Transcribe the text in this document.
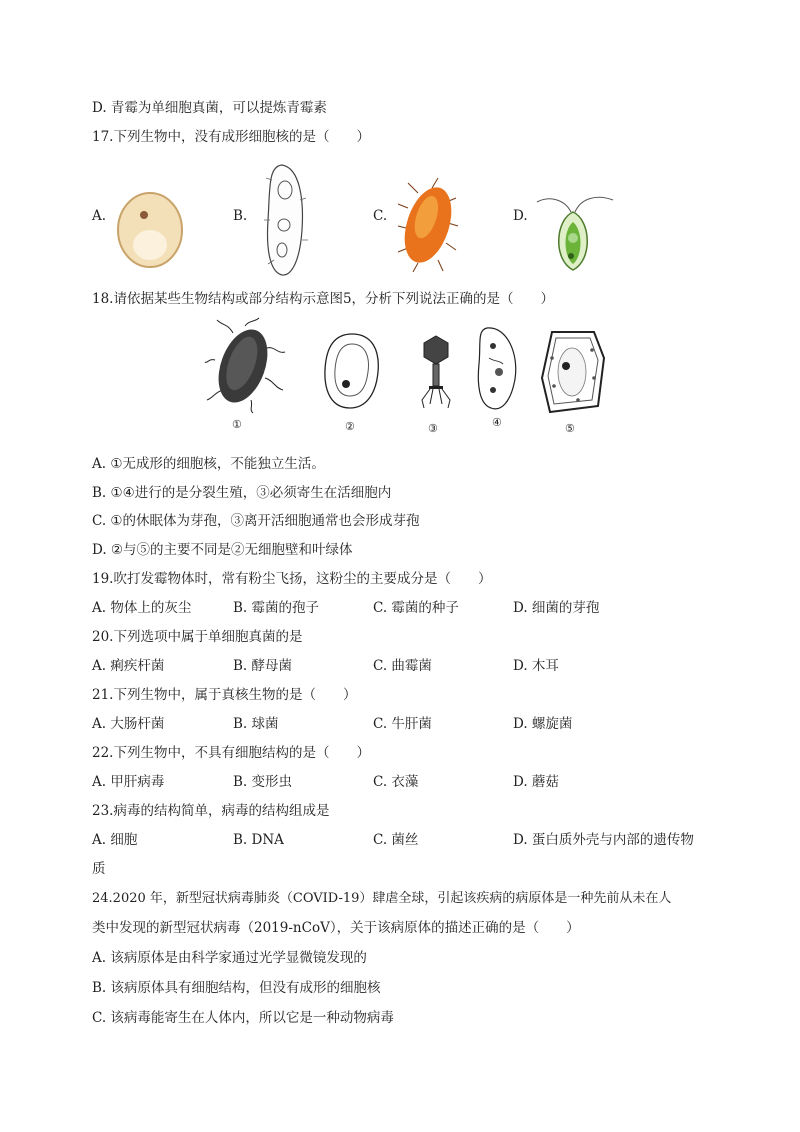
D. 青霉为单细胞真菌，可以提炼青霉素
17.下列生物中，没有成形细胞核的是（　　）
A.	B.	C.	D.
18.请依据某些生物结构或部分结构示意图5，分析下列说法正确的是（　　）
①	②	③	④	⑤
A. ①无成形的细胞核，不能独立生活。
B. ①④进行的是分裂生殖，③必须寄生在活细胞内
C. ①的休眠体为芽孢，③离开活细胞通常也会形成芽孢
D. ②与⑤的主要不同是②无细胞壁和叶绿体
19.吹打发霉物体时，常有粉尘飞扬，这粉尘的主要成分是（　　）
A. 物体上的灰尘	B. 霉菌的孢子	C. 霉菌的种子	D. 细菌的芽孢
20.下列选项中属于单细胞真菌的是
A. 痢疾杆菌	B. 酵母菌	C. 曲霉菌	D. 木耳
21.下列生物中，属于真核生物的是（　　）
A. 大肠杆菌	B. 球菌	C. 牛肝菌	D. 螺旋菌
22.下列生物中，不具有细胞结构的是（　　）
A. 甲肝病毒	B. 变形虫	C. 衣藻	D. 蘑菇
23.病毒的结构简单，病毒的结构组成是
A. 细胞	B. DNA	C. 菌丝	D. 蛋白质外壳与内部的遗传物
质
24.2020 年，新型冠状病毒肺炎（COVID-19）肆虐全球，引起该疾病的病原体是一种先前从未在人
类中发现的新型冠状病毒（2019-nCoV），关于该病原体的描述正确的是（　　）
A. 该病原体是由科学家通过光学显微镜发现的
B. 该病原体具有细胞结构，但没有成形的细胞核
C. 该病毒能寄生在人体内，所以它是一种动物病毒
